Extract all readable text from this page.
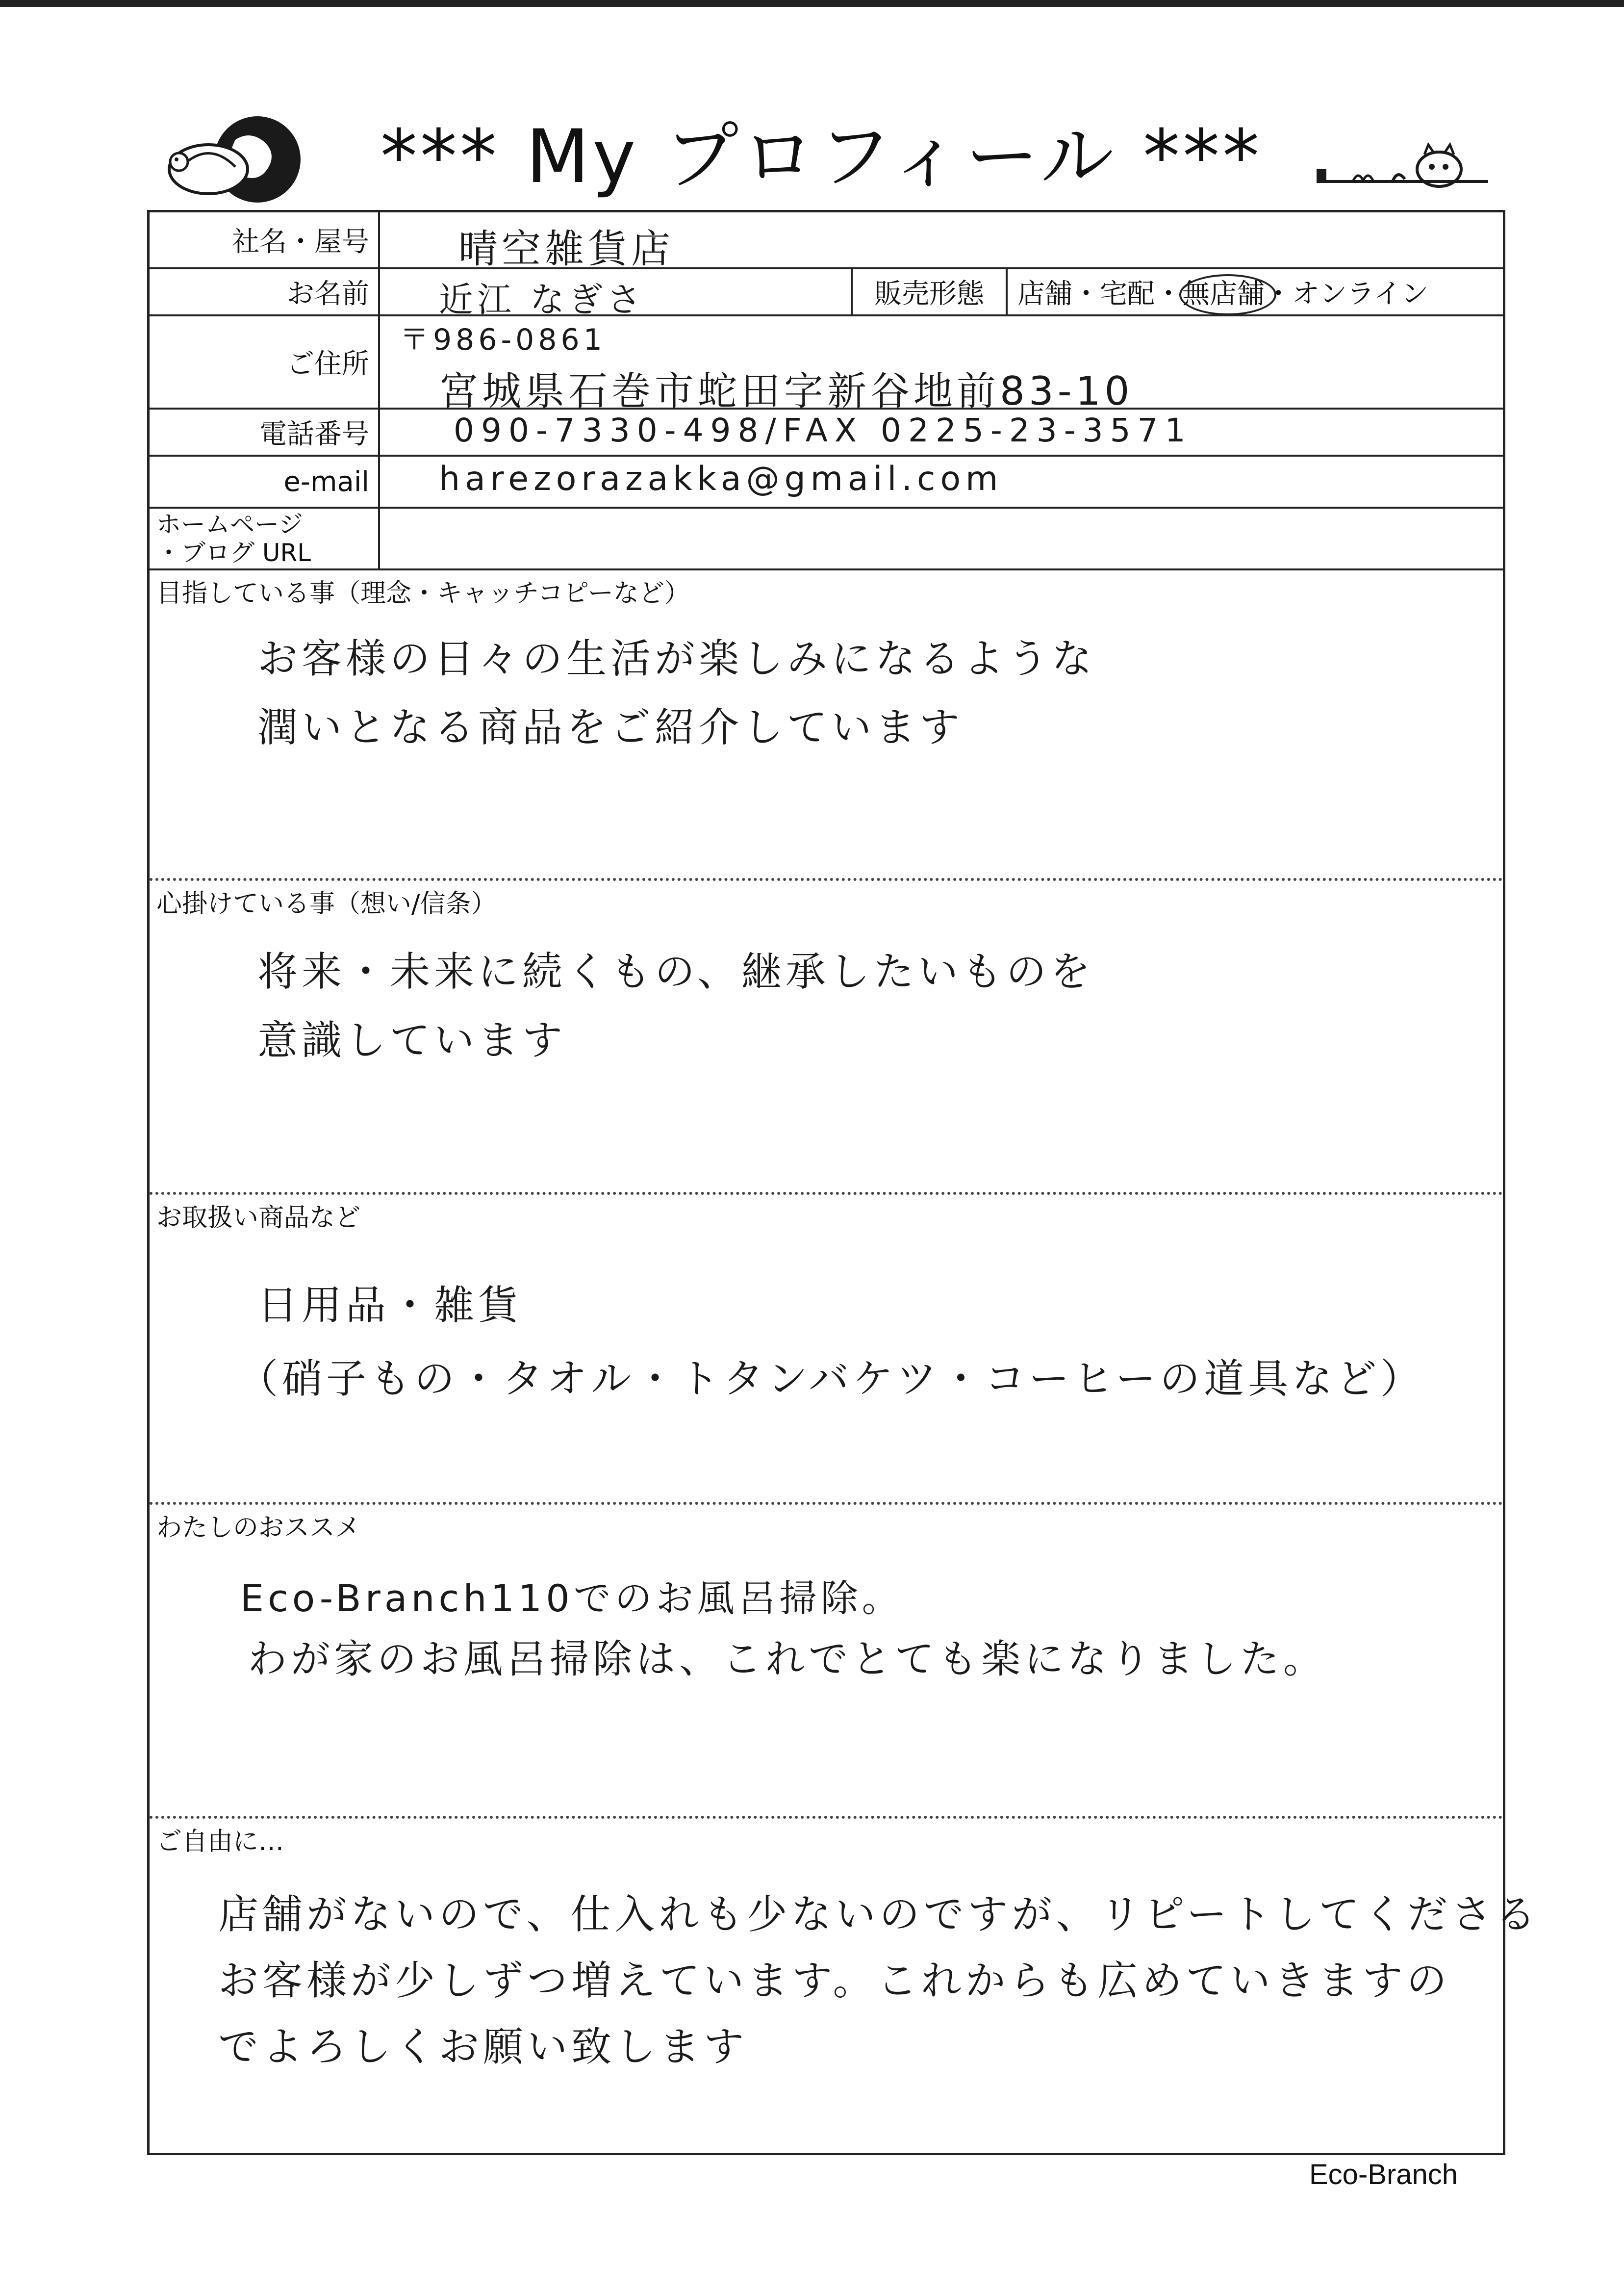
*** My プロフィール ***
社名・屋号 晴空雑貨店
お名前	近江 なぎさ	販売形態	店舗・宅配・無店舗・オンライン
ご住所
〒986-0861
宮城県石巻市蛇田字新谷地前83-10
電話番号	090-7330-498/FAX 0225-23-3571
e-mail	harezorazakka@gmail.com
ホームページ
・ブログ URL
目指している事（理念・キャッチコピーなど）
お客様の日々の生活が楽しみになるような
潤いとなる商品をご紹介しています
心掛けている事（想い/信条）
将来・未来に続くもの、継承したいものを
意識しています
お取扱い商品など
日用品・雑貨
（硝子もの・タオル・トタンバケツ・コーヒーの道具など）
わたしのおススメ
Eco-Branch110でのお風呂掃除。
わが家のお風呂掃除は、これでとても楽になりました。
ご自由に…
店舗がないので、仕入れも少ないのですが、リピートしてくださる
お客様が少しずつ増えています。これからも広めていきますの
でよろしくお願い致します
Eco-Branch
